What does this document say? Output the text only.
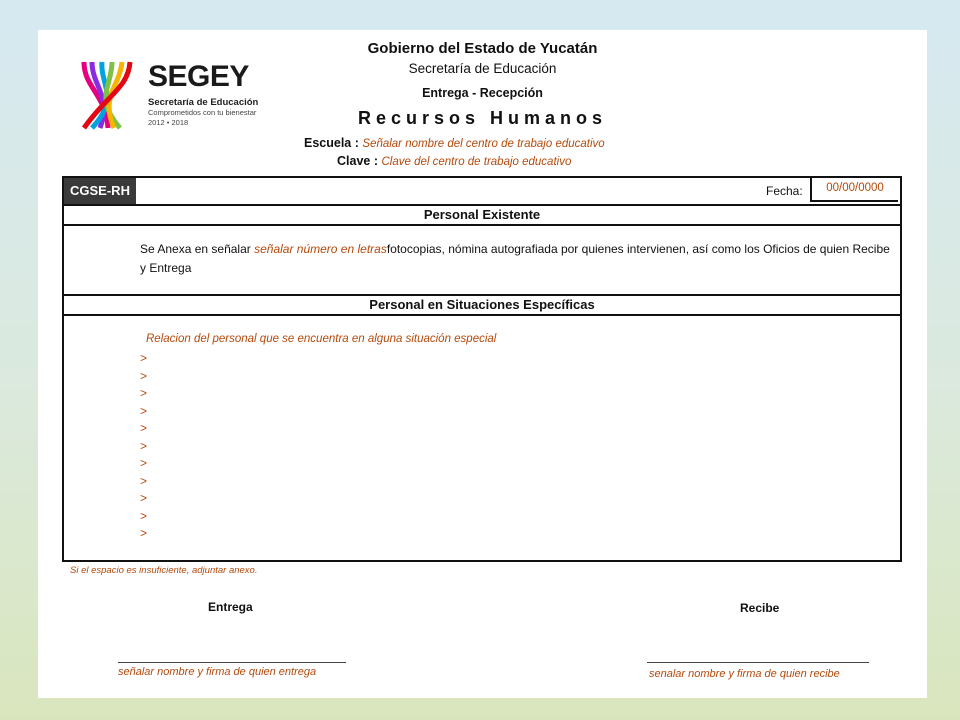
SEGEY
Secretaría de Educación
Comprometidos con tu bienestar
2012 • 2018
Gobierno del Estado de Yucatán
Secretaría de Educación
Entrega - Recepción
Recursos Humanos
Escuela : Señalar nombre del centro de trabajo educativo
Clave : Clave del centro de trabajo educativo
CGSE-RH	Fecha:	00/00/0000
Personal Existente
Se Anexa en señalar señalar número en letrasfotocopias, nómina autografiada por quienes intervienen, así como los Oficios de quien Recibe y Entrega
Personal en Situaciones Específicas
Relacion del personal que se encuentra en alguna situación especial
>
>
>
>
>
>
>
>
>
>
>
Si el espacio es insuficiente, adjuntar anexo.
Entrega	Recibe
señalar nombre y firma de quien entrega	senalar nombre y firma de quien recibe
